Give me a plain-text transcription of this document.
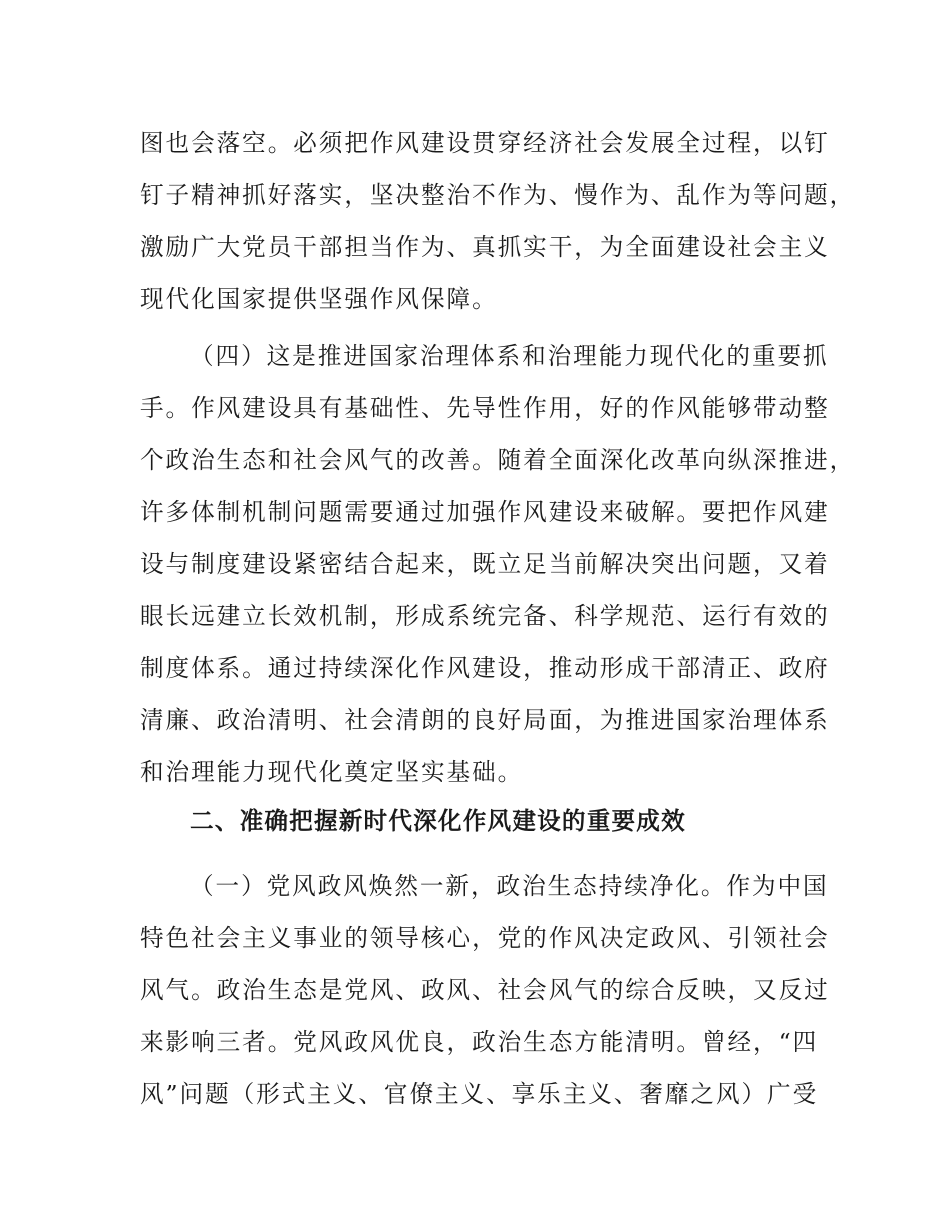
图也会落空。必须把作风建设贯穿经济社会发展全过程，以钉
钉子精神抓好落实，坚决整治不作为、慢作为、乱作为等问题，
激励广大党员干部担当作为、真抓实干，为全面建设社会主义
现代化国家提供坚强作风保障。
（四）这是推进国家治理体系和治理能力现代化的重要抓
手。作风建设具有基础性、先导性作用，好的作风能够带动整
个政治生态和社会风气的改善。随着全面深化改革向纵深推进，
许多体制机制问题需要通过加强作风建设来破解。要把作风建
设与制度建设紧密结合起来，既立足当前解决突出问题，又着
眼长远建立长效机制，形成系统完备、科学规范、运行有效的
制度体系。通过持续深化作风建设，推动形成干部清正、政府
清廉、政治清明、社会清朗的良好局面，为推进国家治理体系
和治理能力现代化奠定坚实基础。
二、准确把握新时代深化作风建设的重要成效
（一）党风政风焕然一新，政治生态持续净化。作为中国
特色社会主义事业的领导核心，党的作风决定政风、引领社会
风气。政治生态是党风、政风、社会风气的综合反映，又反过
来影响三者。党风政风优良，政治生态方能清明。曾经，“四
风”问题（形式主义、官僚主义、享乐主义、奢靡之风）广受
